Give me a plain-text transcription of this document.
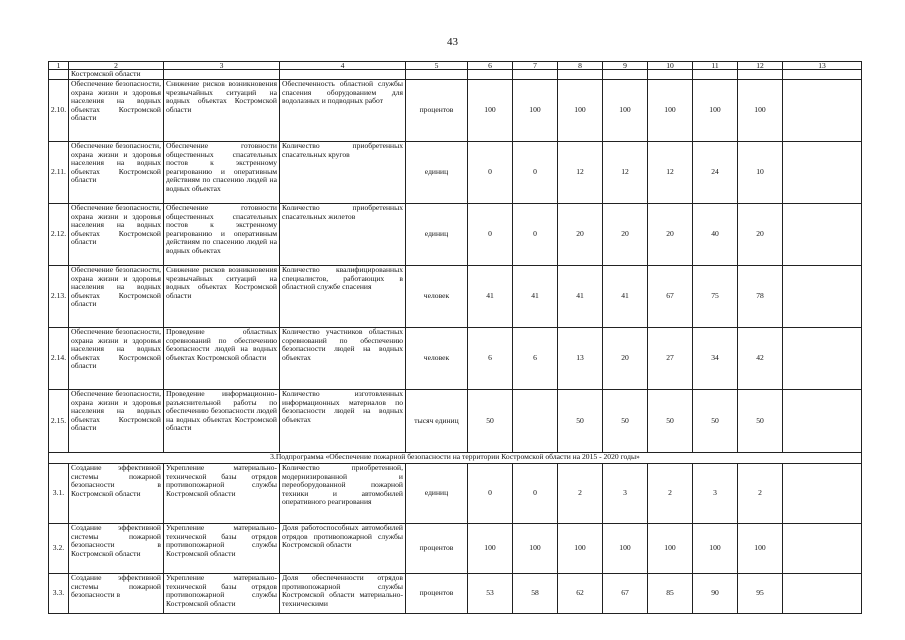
43
1	2	3	4	5	6	7	8	9	10	11	12	13
	Костромской области											
2.10.	Обеспечение безопасности, охрана жизни и здоровья населения на водных объектах Костромской области	Снижение рисков возникновения чрезвычайных ситуаций на водных объектах Костромской области	Обеспеченность областной службы спасения оборудованием для водолазных и подводных работ	процентов	100	100	100	100	100	100	100	
2.11.	Обеспечение безопасности, охрана жизни и здоровья населения на водных объектах Костромской области	Обеспечение готовности общественных спасательных постов к экстренному реагированию и оперативным действиям по спасению людей на водных объектах	Количество приобретенных спасательных кругов	единиц	0	0	12	12	12	24	10	
2.12.	Обеспечение безопасности, охрана жизни и здоровья населения на водных объектах Костромской области	Обеспечение готовности общественных спасательных постов к экстренному реагированию и оперативным действиям по спасению людей на водных объектах	Количество приобретенных спасательных жилетов	единиц	0	0	20	20	20	40	20	
2.13.	Обеспечение безопасности, охрана жизни и здоровья населения на водных объектах Костромской области	Снижение рисков возникновения чрезвычайных ситуаций на водных объектах Костромской области	Количество квалифицированных специалистов, работающих в областной службе спасения	человек	41	41	41	41	67	75	78	
2.14.	Обеспечение безопасности, охрана жизни и здоровья населения на водных объектах Костромской области	Проведение областных соревнований по обеспечению безопасности людей на водных объектах Костромской области	Количество участников областных соревнований по обеспечению безопасности людей на водных объектах	человек	6	6	13	20	27	34	42	
2.15.	Обеспечение безопасности, охрана жизни и здоровья населения на водных объектах Костромской области	Проведение информационно-разъяснительной работы по обеспечению безопасности людей на водных объектах Костромской области	Количество изготовленных информационных материалов по безопасности людей на водных объектах	тысяч единиц	50		50	50	50	50	50	
3.Подпрограмма «Обеспечение пожарной безопасности на территории Костромской области на 2015 - 2020 годы»												
3.1.	Создание эффективной системы пожарной безопасности в Костромской области	Укрепление материально-технической базы отрядов противопожарной службы Костромской области	Количество приобретенной, модернизированной и переоборудованной пожарной техники и автомобилей оперативного реагирования	единиц	0	0	2	3	2	3	2	
3.2.	Создание эффективной системы пожарной безопасности в Костромской области	Укрепление материально-технической базы отрядов противопожарной службы Костромской области	Доля работоспособных автомобилей отрядов противопожарной службы Костромской области	процентов	100	100	100	100	100	100	100	
3.3.	Создание эффективной системы пожарной безопасности в	Укрепление материально-технической базы отрядов противопожарной службы Костромской области	Доля обеспеченности отрядов противопожарной службы Костромской области материально-техническими	процентов	53	58	62	67	85	90	95	
